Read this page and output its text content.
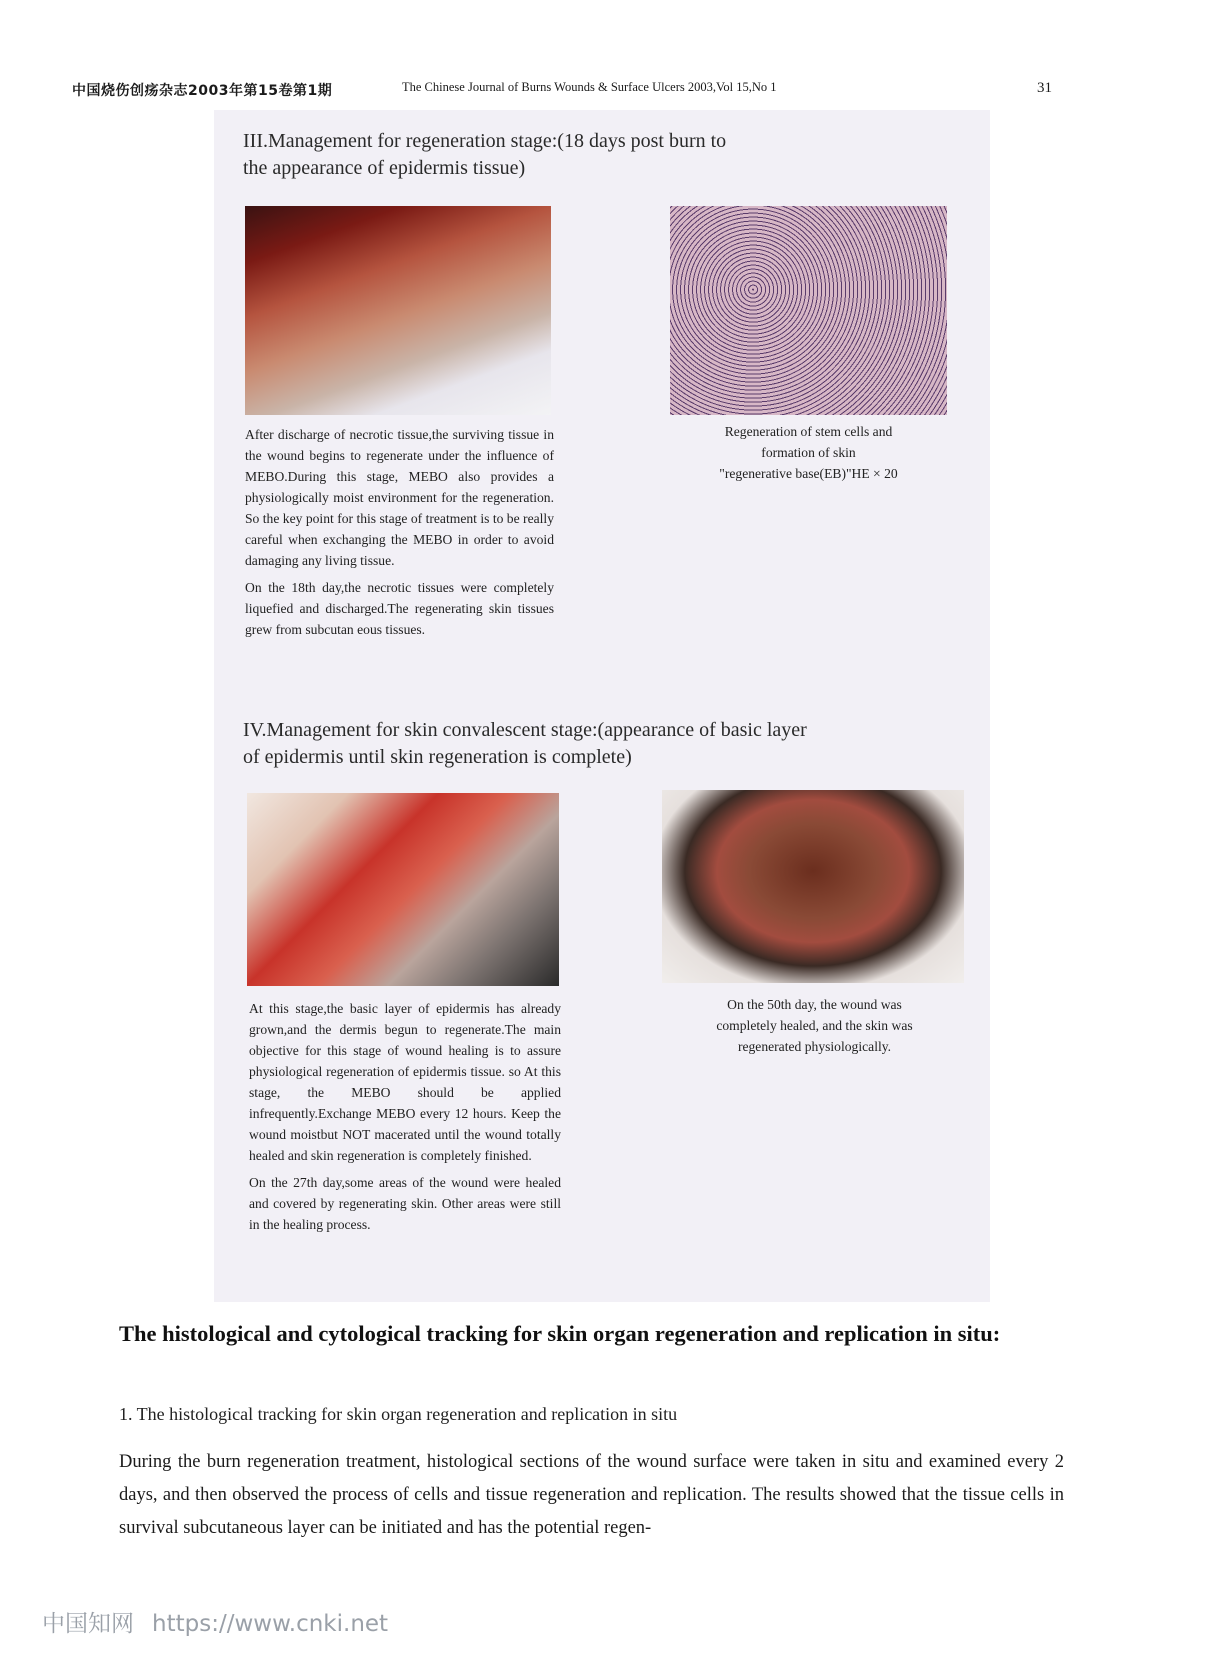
中国烧伤创疡杂志2003年第15卷第1期	The Chinese Journal of Burns Wounds & Surface Ulcers 2003,Vol 15,No 1	31
III.Management for regeneration stage:(18 days post burn to
the appearance of epidermis tissue)

After discharge of necrotic tissue,the surviving tissue in the wound begins to regenerate under the influence of MEBO.During this stage, MEBO also provides a physiologically moist environment for the regeneration. So the key point for this stage of treatment is to be really careful when exchanging the MEBO in order to avoid damaging any living tissue.

On the 18th day,the necrotic tissues were completely liquefied and discharged.The regenerating skin tissues grew from subcutan eous tissues.

Regeneration of stem cells and
formation of skin
"regenerative base(EB)"HE × 20
IV.Management for skin convalescent stage:(appearance of basic layer
of epidermis until skin regeneration is complete)

At this stage,the basic layer of epidermis has already grown,and the dermis begun to regenerate.The main objective for this stage of wound healing is to assure physiological regeneration of epidermis tissue. so At this stage, the MEBO should be applied infrequently.Exchange MEBO every 12 hours. Keep the wound moistbut NOT macerated until the wound totally healed and skin regeneration is completely finished.

On the 27th day,some areas of the wound were healed and covered by regenerating skin. Other areas were still in the healing process.

On the 50th day, the wound was
completely healed, and the skin was
regenerated physiologically.
The histological and cytological tracking for skin organ regeneration and replication in situ:
1. The histological tracking for skin organ regeneration and replication in situ
During the burn regeneration treatment, histological sections of the wound surface were taken in situ and examined every 2 days, and then observed the process of cells and tissue regeneration and replication. The results showed that the tissue cells in survival subcutaneous layer can be initiated and has the potential regen-
中国知网 https://www.cnki.net
